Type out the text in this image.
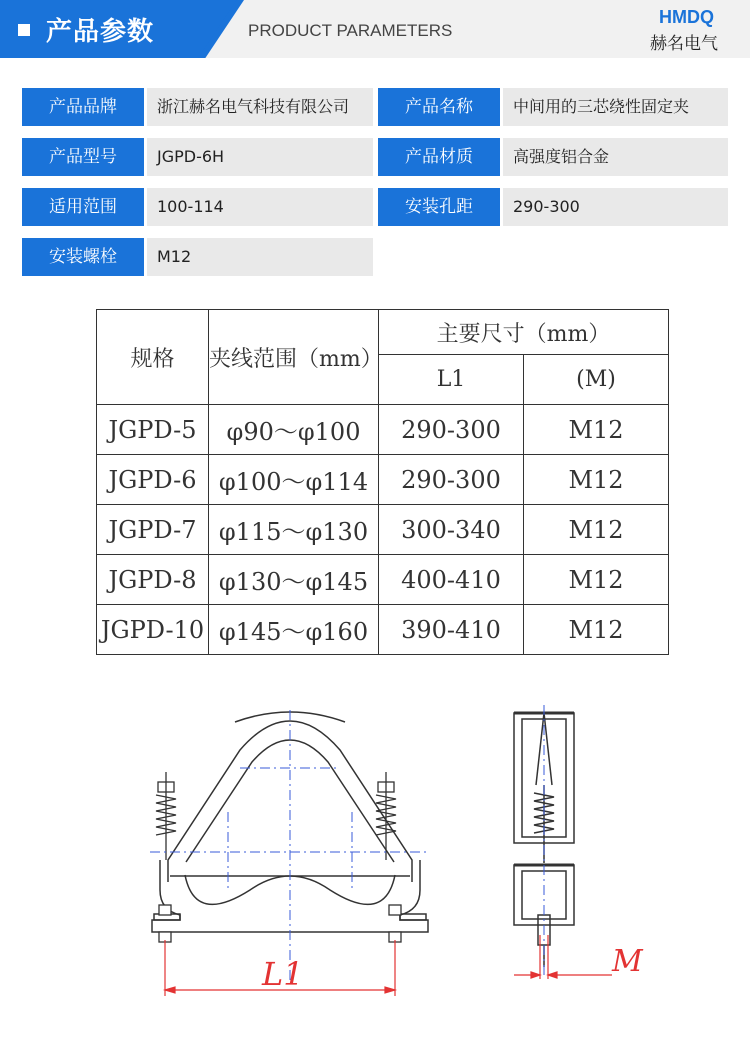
产品参数	PRODUCT PARAMETERS
HMDQ
赫名电气
产品品牌	浙江赫名电气科技有限公司	产品名称	中间用的三芯绕性固定夹
产品型号	JGPD-6H	产品材质	高强度铝合金
适用范围	100-114	安装孔距	290-300
安装螺栓	M12
规格	夹线范围（mm）	主要尺寸（mm）	
		L1	(M)
JGPD-5	φ90～φ100	290-300	M12
JGPD-6	φ100～φ114	290-300	M12
JGPD-7	φ115～φ130	300-340	M12
JGPD-8	φ130～φ145	400-410	M12
JGPD-10	φ145～φ160	390-410	M12
L1	M
